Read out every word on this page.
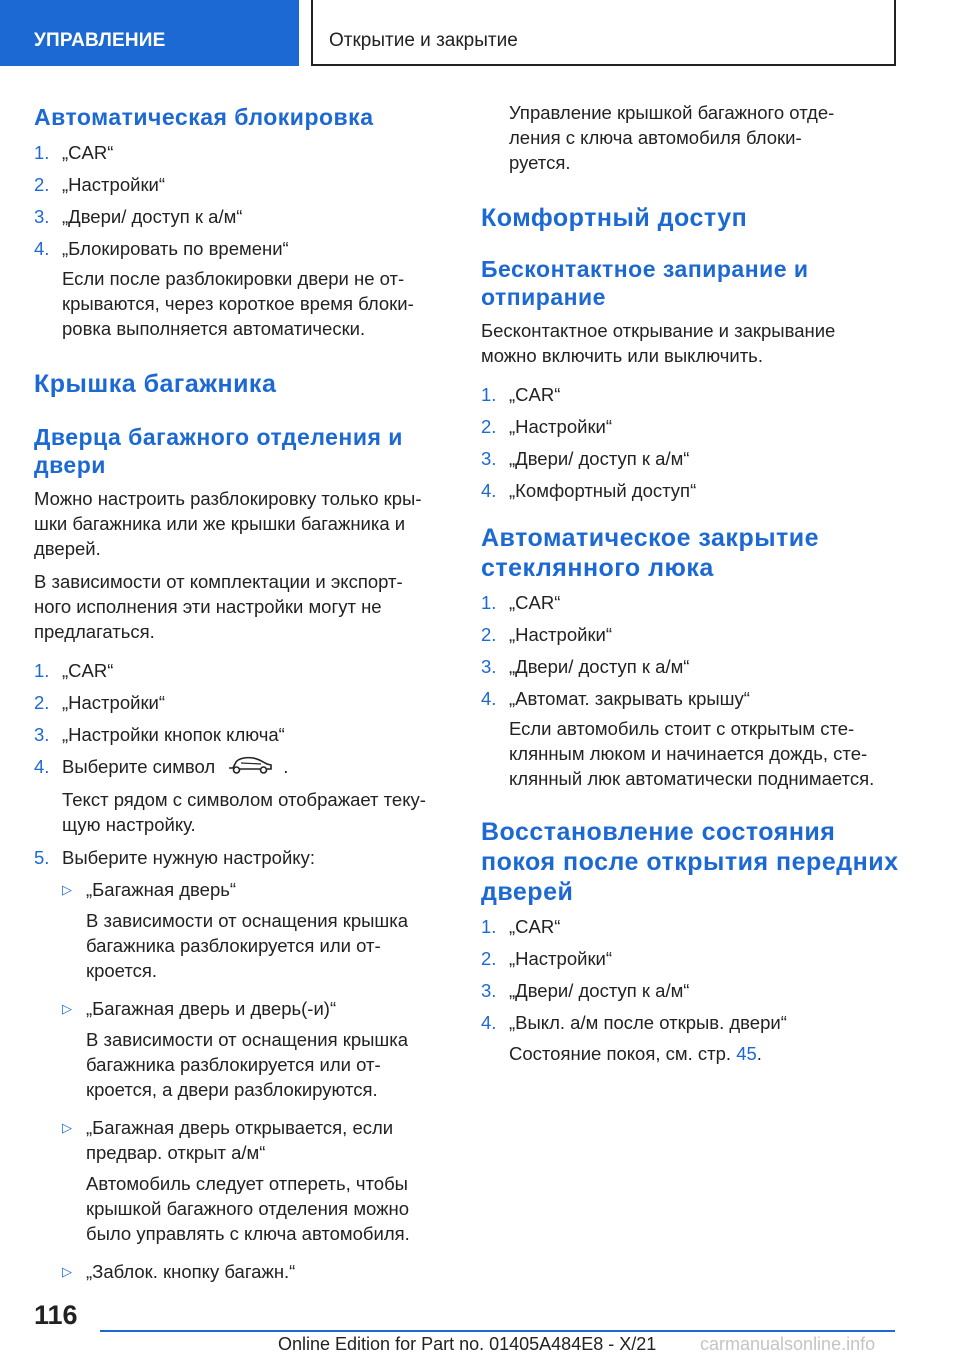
УПРАВЛЕНИЕ	Открытие и закрытие
Автоматическая блокировка
1. „CAR“
2. „Настройки“
3. „Двери/ доступ к а/м“
4. „Блокировать по времени“
Если после разблокировки двери не от-
крываются, через короткое время блоки-
ровка выполняется автоматически.
Крышка багажника
Дверца багажного отделения и
двери
Можно настроить разблокировку только кры-
шки багажника или же крышки багажника и
дверей.
В зависимости от комплектации и экспорт-
ного исполнения эти настройки могут не
предлагаться.
1. „CAR“
2. „Настройки“
3. „Настройки кнопок ключа“
4. Выберите символ	.
Текст рядом с символом отображает теку-
щую настройку.
5. Выберите нужную настройку:
▷ „Багажная дверь“
В зависимости от оснащения крышка
багажника разблокируется или от-
кроется.
▷ „Багажная дверь и дверь(-и)“
В зависимости от оснащения крышка
багажника разблокируется или от-
кроется, а двери разблокируются.
▷ „Багажная дверь открывается, если
предвар. открыт а/м“
Автомобиль следует отпереть, чтобы
крышкой багажного отделения можно
было управлять с ключа автомобиля.
▷ „Заблок. кнопку багажн.“
Управление крышкой багажного отде-
ления с ключа автомобиля блоки-
руется.
Комфортный доступ
Бесконтактное запирание и
отпирание
Бесконтактное открывание и закрывание
можно включить или выключить.
1. „CAR“
2. „Настройки“
3. „Двери/ доступ к а/м“
4. „Комфортный доступ“
Автоматическое закрытие
стеклянного люка
1. „CAR“
2. „Настройки“
3. „Двери/ доступ к а/м“
4. „Автомат. закрывать крышу“
Если автомобиль стоит с открытым сте-
клянным люком и начинается дождь, сте-
клянный люк автоматически поднимается.
Восстановление состояния
покоя после открытия передних
дверей
1. „CAR“
2. „Настройки“
3. „Двери/ доступ к а/м“
4. „Выкл. а/м после открыв. двери“
Состояние покоя, см. стр. 45.
116
Online Edition for Part no. 01405A484E8 - X/21 carmanualsonline.info
